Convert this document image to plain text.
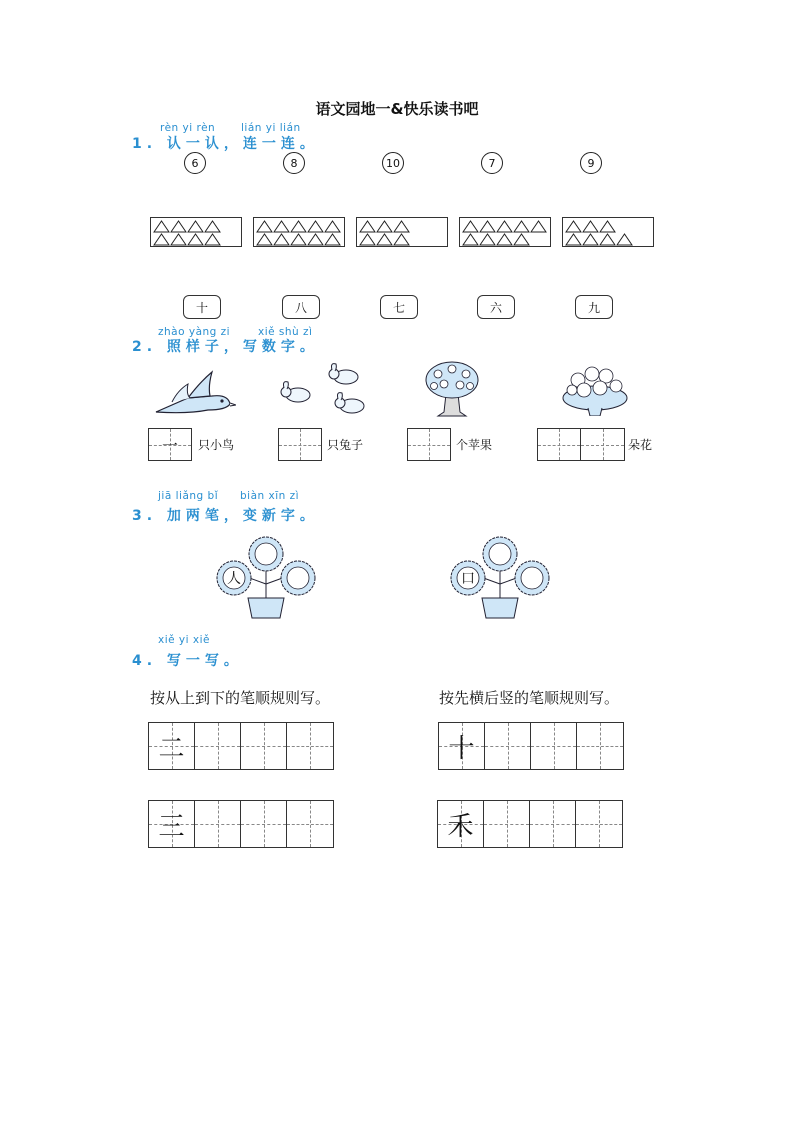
语文园地一&快乐读书吧
rèn yi rèn lián yi lián
1. 认一认，连一连。
6	8	10	7	9
十	八	七	六	九
zhào yàng zi	xiě shù zì
2. 照样子，写数字。
一 只小鸟	只兔子	个苹果	朵花
jiā liǎng bǐ biàn xīn zì
3. 加两笔，变新字。
人	口
xiě yi xiě
4. 写一写。
按从上到下的笔顺规则写。	按先横后竖的笔顺规则写。
二
三
十
禾
